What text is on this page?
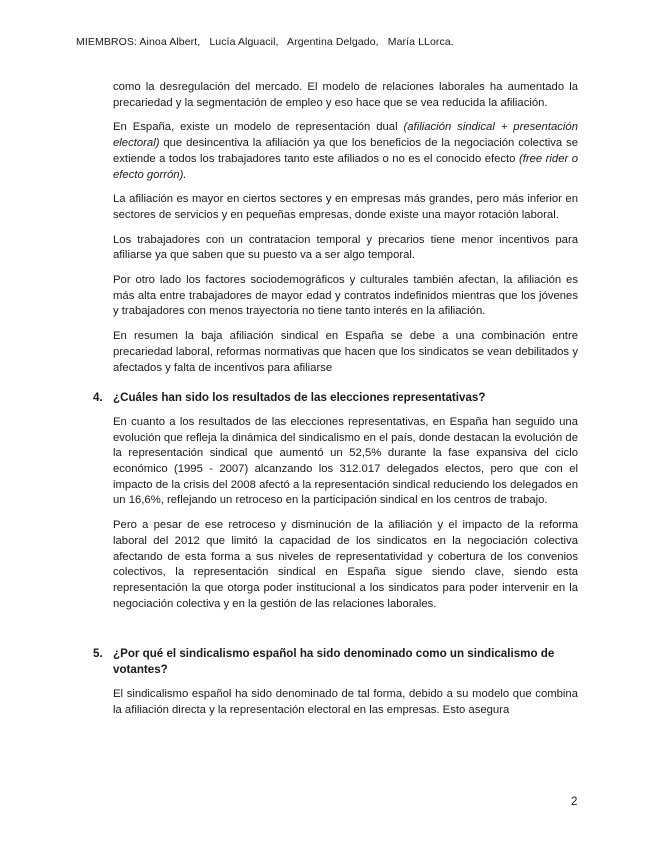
MIEMBROS: Ainoa Albert,   Lucía Alguacil,   Argentina Delgado,   María LLorca.

como la desregulación del mercado. El modelo de relaciones laborales ha aumentado la precariedad y la segmentación de empleo y eso hace que se vea reducida la afiliación.

En España, existe un modelo de representación dual (afiliación sindical + presentación electoral) que desincentiva la afiliación ya que los beneficios de la negociación colectiva se extiende a todos los trabajadores tanto este afiliados o no es el conocido efecto (free rider o efecto gorrón).

La afiliación es mayor en ciertos sectores y en empresas más grandes, pero más inferior en sectores de servicios y en pequeñas empresas, donde existe una mayor rotación laboral.

Los trabajadores con un contratacion temporal y precarios tiene menor incentivos para afiliarse ya que saben que su puesto va a ser algo temporal.

Por otro lado los factores sociodemográficos y culturales también afectan, la afiliación es más alta entre trabajadores de mayor edad y contratos indefinidos mientras que los jóvenes y trabajadores con menos trayectoria no tiene tanto interés en la afiliación.

En resumen la baja afiliación sindical en España se debe a una combinación entre precariedad laboral, reformas normativas que hacen que los sindicatos se vean debilitados y afectados y falta de incentivos para afiliarse

4. ¿Cuáles han sido los resultados de las elecciones representativas?

En cuanto a los resultados de las elecciones representativas, en España han seguido una evolución que refleja la dinámica del sindicalismo en el país, donde destacan la evolución de la representación sindical que aumentó un 52,5% durante la fase expansiva del ciclo económico (1995 - 2007) alcanzando los 312.017 delegados electos, pero que con el impacto de la crisis del 2008 afectó a la representación sindical reduciendo los delegados en un 16,6%, reflejando un retroceso en la participación sindical en los centros de trabajo.

Pero a pesar de ese retroceso y disminución de la afiliación y el impacto de la reforma laboral del 2012 que limitó la capacidad de los sindicatos en la negociación colectiva afectando de esta forma a sus niveles de representatividad y cobertura de los convenios colectivos, la representación sindical en España sigue siendo clave, siendo esta representación la que otorga poder institucional a los sindicatos para poder intervenir en la negociación colectiva y en la gestión de las relaciones laborales.

5. ¿Por qué el sindicalismo español ha sido denominado como un sindicalismo de votantes?

El sindicalismo español ha sido denominado de tal forma, debido a su modelo que combina la afiliación directa y la representación electoral en las empresas. Esto asegura

2
